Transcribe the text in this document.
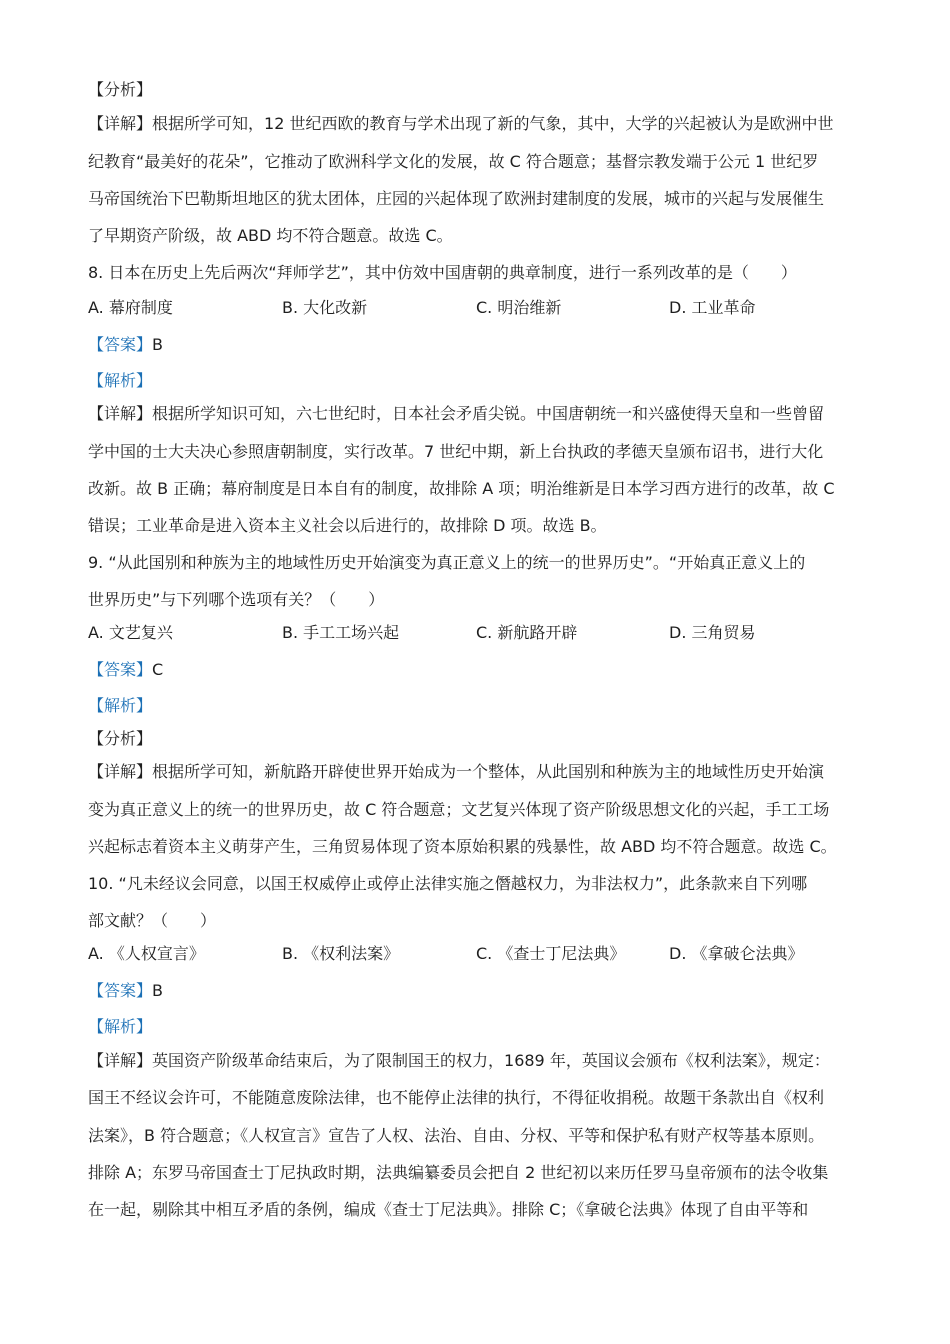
【分析】
【详解】根据所学可知，12 世纪西欧的教育与学术出现了新的气象，其中，大学的兴起被认为是欧洲中世
纪教育“最美好的花朵”，它推动了欧洲科学文化的发展，故 C 符合题意；基督宗教发端于公元 1 世纪罗
马帝国统治下巴勒斯坦地区的犹太团体，庄园的兴起体现了欧洲封建制度的发展，城市的兴起与发展催生
了早期资产阶级，故 ABD 均不符合题意。故选 C。
8. 日本在历史上先后两次“拜师学艺”，其中仿效中国唐朝的典章制度，进行一系列改革的是（　　）
A. 幕府制度	B. 大化改新	C. 明治维新	D. 工业革命
【答案】B
【解析】
【详解】根据所学知识可知，六七世纪时，日本社会矛盾尖锐。中国唐朝统一和兴盛使得天皇和一些曾留
学中国的士大夫决心参照唐朝制度，实行改革。7 世纪中期，新上台执政的孝德天皇颁布诏书，进行大化
改新。故 B 正确；幕府制度是日本自有的制度，故排除 A 项；明治维新是日本学习西方进行的改革，故 C
错误；工业革命是进入资本主义社会以后进行的，故排除 D 项。故选 B。
9. “从此国别和种族为主的地域性历史开始演变为真正意义上的统一的世界历史”。“开始真正意义上的
世界历史”与下列哪个选项有关？（　　）
A. 文艺复兴	B. 手工工场兴起	C. 新航路开辟	D. 三角贸易
【答案】C
【解析】
【分析】
【详解】根据所学可知，新航路开辟使世界开始成为一个整体，从此国别和种族为主的地域性历史开始演
变为真正意义上的统一的世界历史，故 C 符合题意；文艺复兴体现了资产阶级思想文化的兴起，手工工场
兴起标志着资本主义萌芽产生，三角贸易体现了资本原始积累的残暴性，故 ABD 均不符合题意。故选 C。
10. “凡未经议会同意，以国王权威停止或停止法律实施之僭越权力，为非法权力”，此条款来自下列哪
部文献？（　　）
A. 《人权宣言》	B. 《权利法案》	C. 《查士丁尼法典》	D. 《拿破仑法典》
【答案】B
【解析】
【详解】英国资产阶级革命结束后，为了限制国王的权力，1689 年，英国议会颁布《权利法案》，规定：
国王不经议会许可，不能随意废除法律，也不能停止法律的执行，不得征收捐税。故题干条款出自《权利
法案》，B 符合题意；《人权宣言》宣告了人权、法治、自由、分权、平等和保护私有财产权等基本原则。
排除 A；东罗马帝国查士丁尼执政时期，法典编纂委员会把自 2 世纪初以来历任罗马皇帝颁布的法令收集
在一起，剔除其中相互矛盾的条例，编成《查士丁尼法典》。排除 C；《拿破仑法典》体现了自由平等和
